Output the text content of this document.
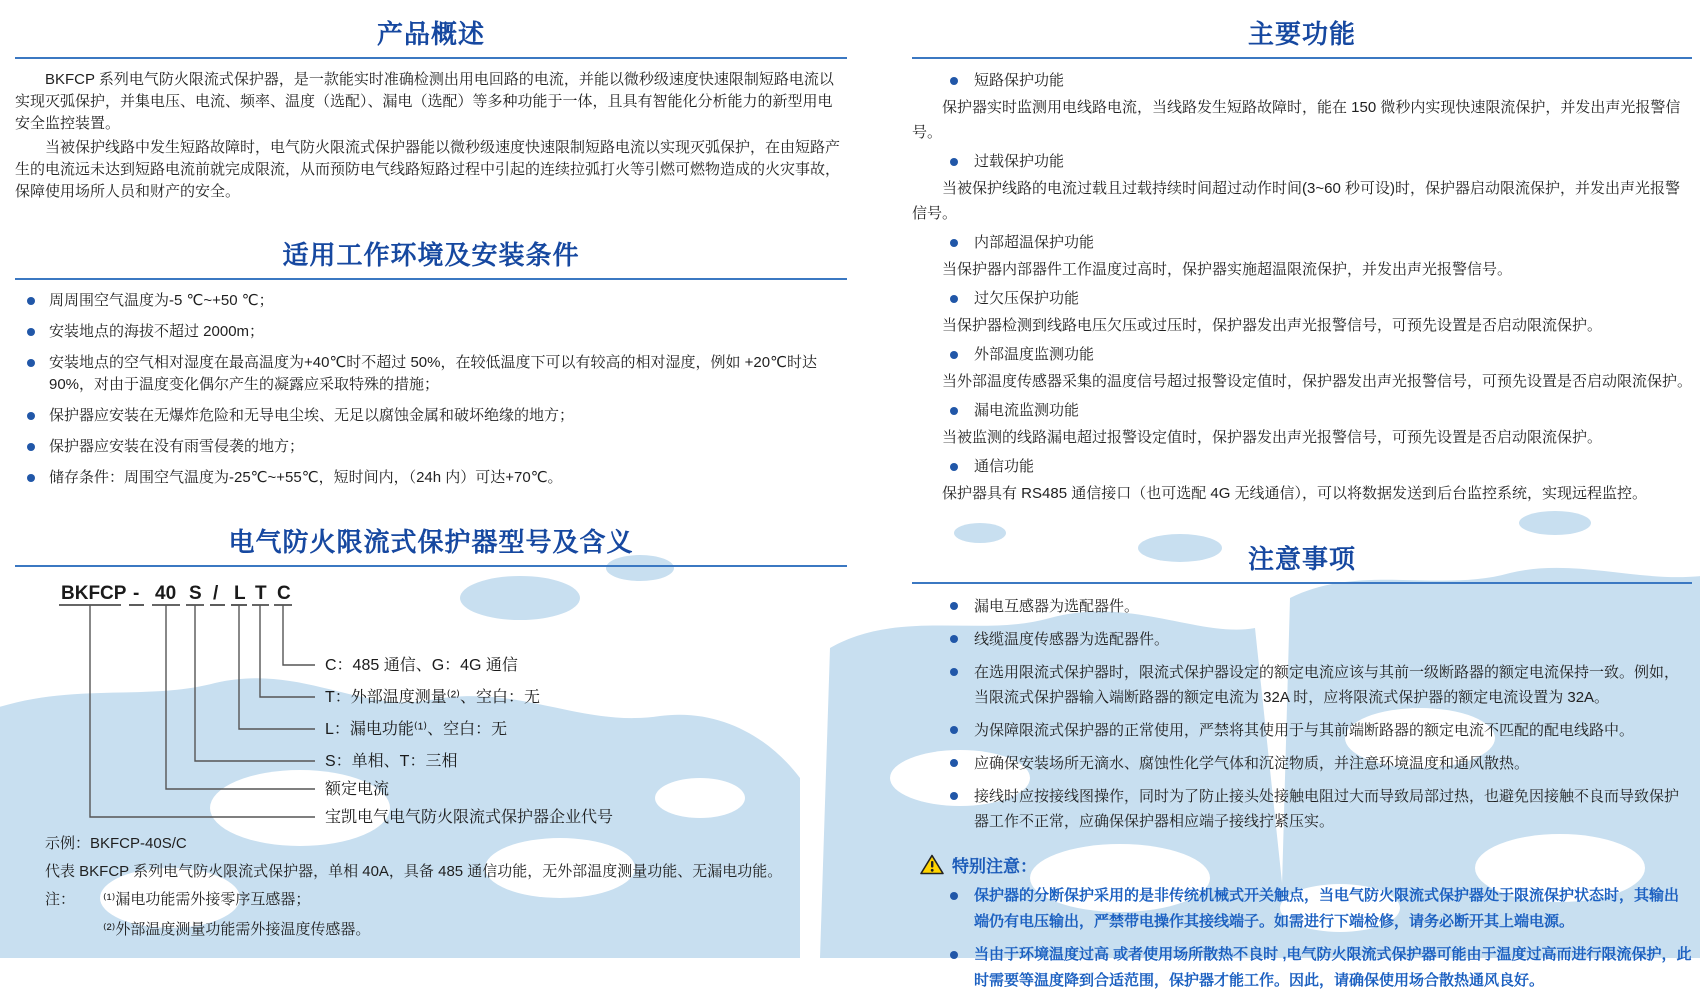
产品概述

BKFCP 系列电气防火限流式保护器，是一款能实时准确检测出用电回路的电流，并能以微秒级速度快速限制短路电流以实现灭弧保护，并集电压、电流、频率、温度（选配）、漏电（选配）等多种功能于一体，且具有智能化分析能力的新型用电安全监控装置。

当被保护线路中发生短路故障时，电气防火限流式保护器能以微秒级速度快速限制短路电流以实现灭弧保护，在由短路产生的电流远未达到短路电流前就完成限流，从而预防电气线路短路过程中引起的连续拉弧打火等引燃可燃物造成的火灾事故，保障使用场所人员和财产的安全。

适用工作环境及安装条件
周周围空气温度为-5 ℃~+50 ℃；
安装地点的海拔不超过 2000m；
安装地点的空气相对湿度在最高温度为+40℃时不超过 50%，在较低温度下可以有较高的相对湿度，例如 +20℃时达 90%，对由于温度变化偶尔产生的凝露应采取特殊的措施；
保护器应安装在无爆炸危险和无导电尘埃、无足以腐蚀金属和破坏绝缘的地方；
保护器应安装在没有雨雪侵袭的地方；
储存条件：周围空气温度为-25℃~+55℃，短时间内，（24h 内）可达+70℃。
电气防火限流式保护器型号及含义
BKFCP - 40 S / L T C
C：485 通信、G：4G 通信
T：外部温度测量⁽²⁾、空白：无
L：漏电功能⁽¹⁾、空白：无
S：单相、T：三相
额定电流
宝凯电气电气防火限流式保护器企业代号
示例：BKFCP-40S/C
代表 BKFCP 系列电气防火限流式保护器，单相 40A，具备 485 通信功能，无外部温度测量功能、无漏电功能。
注：	⁽¹⁾漏电功能需外接零序互感器；
⁽²⁾外部温度测量功能需外接温度传感器。
主要功能
短路保护功能

保护器实时监测用电线路电流，当线路发生短路故障时，能在 150 微秒内实现快速限流保护，并发出声光报警信号。

过载保护功能

当被保护线路的电流过载且过载持续时间超过动作时间(3~60 秒可设)时，保护器启动限流保护，并发出声光报警信号。

内部超温保护功能

当保护器内部器件工作温度过高时，保护器实施超温限流保护，并发出声光报警信号。

过欠压保护功能

当保护器检测到线路电压欠压或过压时，保护器发出声光报警信号，可预先设置是否启动限流保护。

外部温度监测功能

当外部温度传感器采集的温度信号超过报警设定值时，保护器发出声光报警信号，可预先设置是否启动限流保护。

漏电流监测功能

当被监测的线路漏电超过报警设定值时，保护器发出声光报警信号，可预先设置是否启动限流保护。

通信功能

保护器具有 RS485 通信接口（也可选配 4G 无线通信），可以将数据发送到后台监控系统，实现远程监控。

注意事项
漏电互感器为选配器件。
线缆温度传感器为选配器件。
在选用限流式保护器时，限流式保护器设定的额定电流应该与其前一级断路器的额定电流保持一致。例如，当限流式保护器输入端断路器的额定电流为 32A 时，应将限流式保护器的额定电流设置为 32A。
为保障限流式保护器的正常使用，严禁将其使用于与其前端断路器的额定电流不匹配的配电线路中。
应确保安装场所无滴水、腐蚀性化学气体和沉淀物质，并注意环境温度和通风散热。
接线时应按接线图操作，同时为了防止接头处接触电阻过大而导致局部过热，也避免因接触不良而导致保护器工作不正常，应确保保护器相应端子接线拧紧压实。
特别注意：
保护器的分断保护采用的是非传统机械式开关触点，当电气防火限流式保护器处于限流保护状态时，其输出端仍有电压输出，严禁带电操作其接线端子。如需进行下端检修，请务必断开其上端电源。
当由于环境温度过高 或者使用场所散热不良时 ,电气防火限流式保护器可能由于温度过高而进行限流保护，此时需要等温度降到合适范围，保护器才能工作。因此，请确保使用场合散热通风良好。
